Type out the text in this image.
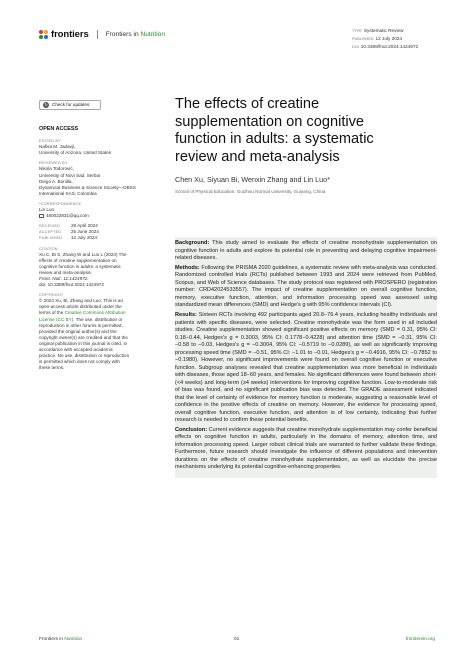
frontiers	Frontiers in Nutrition	TYPE Systematic Review
PUBLISHED 12 July 2024
DOI 10.3389/fnut.2024.1424972
↻ Check for updates
OPEN ACCESS
EDITED BY
Nafisa M. Jadavji,
University of Arizona, United States
REVIEWED BY
Nikola Todorović,
University of Novi Sad, Serbia
Diego A. Bonilla,
Dynamical Business & Science Society—DBSS
International SAS, Colombia
*CORRESPONDENCE
Lin Luo
460022831@qq.com
RECEIVED	29 April 2024
ACCEPTED	25 June 2024
PUBLISHED	12 July 2024
CITATION
Xu C, Bi S, Zhang W and Luo L (2024) The
effects of creatine supplementation on
cognitive function in adults: a systematic
review and meta-analysis.
Front. Nutr. 11:1424972.
doi: 10.3389/fnut.2024.1424972
COPYRIGHT
© 2024 Xu, Bi, Zhang and Luo. This is an
open-access article distributed under the
terms of the Creative Commons Attribution
License (CC BY). The use, distribution or
reproduction in other forums is permitted,
provided the original author(s) and the
copyright owner(s) are credited and that the
original publication in this journal is cited, in
accordance with accepted academic
practice. No use, distribution or reproduction
is permitted which does not comply with
these terms.
The effects of creatine
supplementation on cognitive
function in adults: a systematic
review and meta-analysis
Chen Xu, Siyuan Bi, Wenxin Zhang and Lin Luo*
School of Physical Education, Guizhou Normal University, Guiyang, China

Background: This study aimed to evaluate the effects of creatine monohydrate supplementation on cognitive function in adults and explore its potential role in preventing and delaying cognitive impairment-related diseases.

Methods: Following the PRISMA 2020 guidelines, a systematic review with meta-analysis was conducted. Randomized controlled trials (RCTs) published between 1993 and 2024 were retrieved from PubMed, Scopus, and Web of Science databases. The study protocol was registered with PROSPERO (registration number: CRD42024533557). The impact of creatine supplementation on overall cognitive function, memory, executive function, attention, and information processing speed was assessed using standardized mean differences (SMD) and Hedge's g with 95% confidence intervals (CI).

Results: Sixteen RCTs involving 492 participants aged 20.8−76.4 years, including healthy individuals and patients with specific diseases, were selected. Creatine monohydrate was the form used in all included studies. Creatine supplementation showed significant positive effects on memory (SMD = 0.31, 95% CI: 0.18−0.44, Hedges's g = 0.3003, 95% CI: 0.1778−0.4228) and attention time (SMD = −0.31, 95% CI: −0.58 to −0.03, Hedges's g = −0.3004, 95% CI: −0.5719 to −0.0289), as well as significantly improving processing speed time (SMD = −0.51, 95% CI: −1.01 to −0.01, Hedges's g = −0.4916, 95% CI: −0.7852 to −0.1980). However, no significant improvements were found on overall cognitive function or executive function. Subgroup analyses revealed that creatine supplementation was more beneficial in individuals with diseases, those aged 18−60 years, and females. No significant differences were found between short- (<4 weeks) and long-term (≥4 weeks) interventions for improving cognitive function. Low-to-moderate risk of bias was found, and no significant publication bias was detected. The GRADE assessment indicated that the level of certainty of evidence for memory function is moderate, suggesting a reasonable level of confidence in the positive effects of creatine on memory. However, the evidence for processing speed, overall cognitive function, executive function, and attention is of low certainty, indicating that further research is needed to confirm these potential benefits.

Conclusion: Current evidence suggests that creatine monohydrate supplementation may confer beneficial effects on cognitive function in adults, particularly in the domains of memory, attention time, and information processing speed. Larger robust clinical trials are warranted to further validate these findings. Furthermore, future research should investigate the influence of different populations and intervention durations on the effects of creatine monohydrate supplementation, as well as elucidate the precise mechanisms underlying its potential cognitive-enhancing properties.

Frontiers in Nutrition	01	frontiersin.org
